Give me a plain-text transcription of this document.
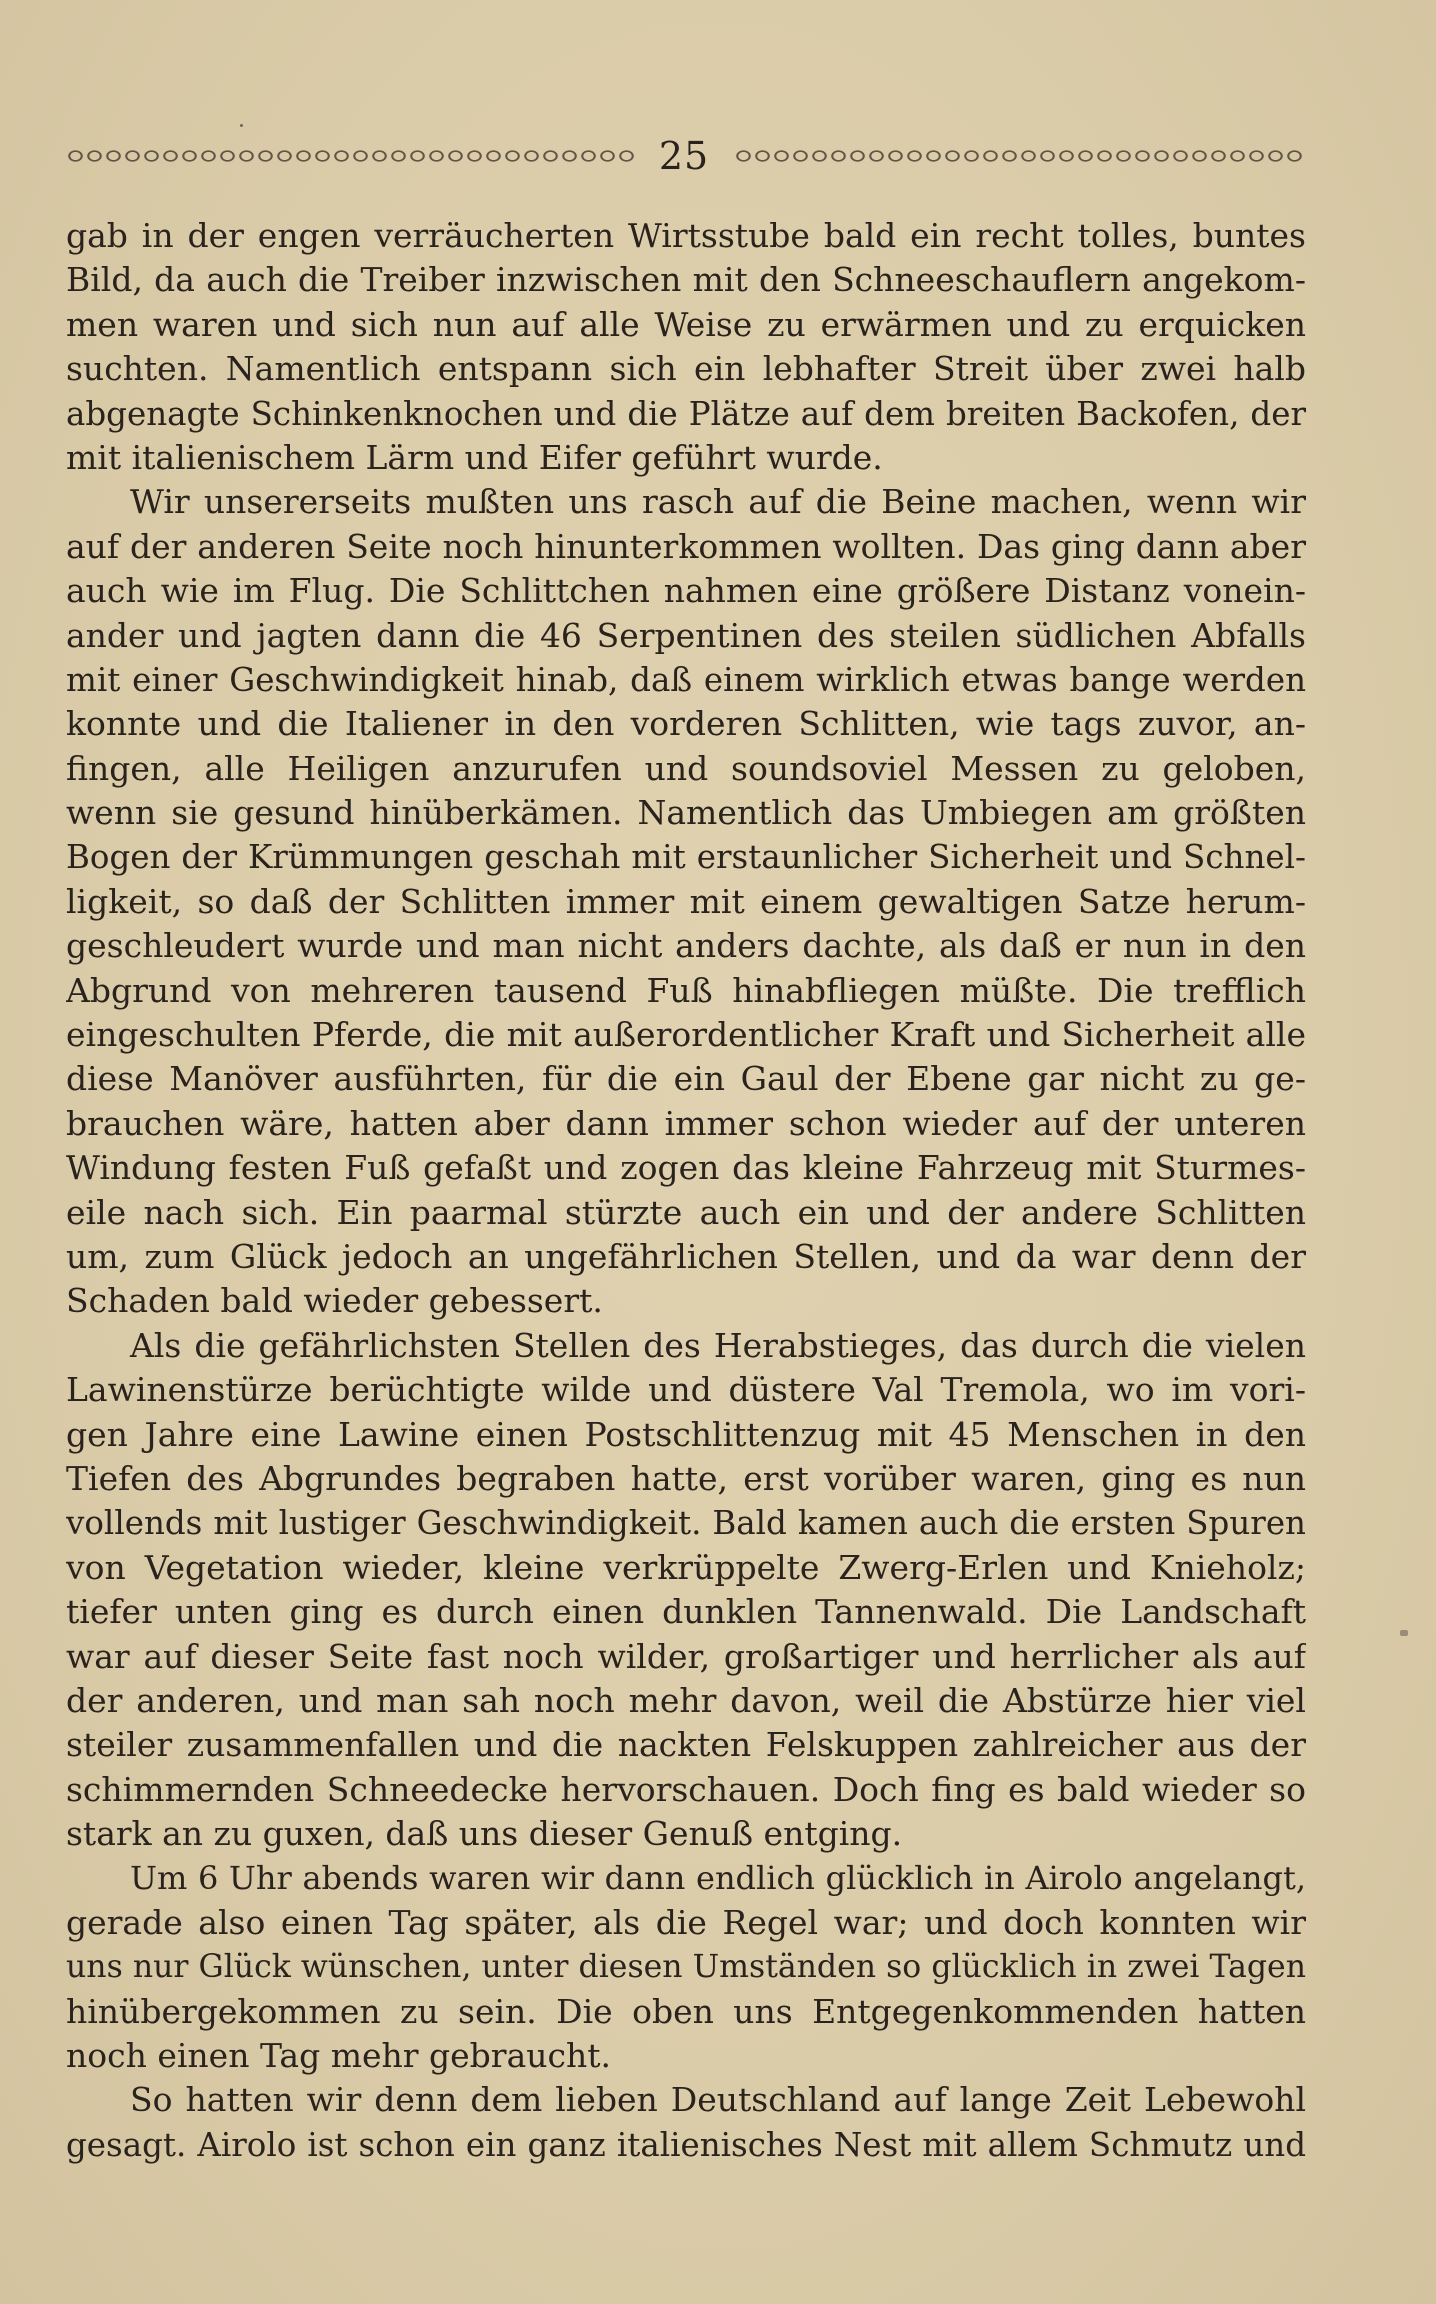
25
gab in der engen verräucherten Wirtsstube bald ein recht tolles, buntes
Bild, da auch die Treiber inzwischen mit den Schneeschauflern angekom-
men waren und sich nun auf alle Weise zu erwärmen und zu erquicken
suchten. Namentlich entspann sich ein lebhafter Streit über zwei halb
abgenagte Schinkenknochen und die Plätze auf dem breiten Backofen, der
mit italienischem Lärm und Eifer geführt wurde.
Wir unsererseits mußten uns rasch auf die Beine machen, wenn wir
auf der anderen Seite noch hinunterkommen wollten. Das ging dann aber
auch wie im Flug. Die Schlittchen nahmen eine größere Distanz vonein-
ander und jagten dann die 46 Serpentinen des steilen südlichen Abfalls
mit einer Geschwindigkeit hinab, daß einem wirklich etwas bange werden
konnte und die Italiener in den vorderen Schlitten, wie tags zuvor, an-
fingen, alle Heiligen anzurufen und soundsoviel Messen zu geloben,
wenn sie gesund hinüberkämen. Namentlich das Umbiegen am größten
Bogen der Krümmungen geschah mit erstaunlicher Sicherheit und Schnel-
ligkeit, so daß der Schlitten immer mit einem gewaltigen Satze herum-
geschleudert wurde und man nicht anders dachte, als daß er nun in den
Abgrund von mehreren tausend Fuß hinabfliegen müßte. Die trefflich
eingeschulten Pferde, die mit außerordentlicher Kraft und Sicherheit alle
diese Manöver ausführten, für die ein Gaul der Ebene gar nicht zu ge-
brauchen wäre, hatten aber dann immer schon wieder auf der unteren
Windung festen Fuß gefaßt und zogen das kleine Fahrzeug mit Sturmes-
eile nach sich. Ein paarmal stürzte auch ein und der andere Schlitten
um, zum Glück jedoch an ungefährlichen Stellen, und da war denn der
Schaden bald wieder gebessert.
Als die gefährlichsten Stellen des Herabstieges, das durch die vielen
Lawinenstürze berüchtigte wilde und düstere Val Tremola, wo im vori-
gen Jahre eine Lawine einen Postschlittenzug mit 45 Menschen in den
Tiefen des Abgrundes begraben hatte, erst vorüber waren, ging es nun
vollends mit lustiger Geschwindigkeit. Bald kamen auch die ersten Spuren
von Vegetation wieder, kleine verkrüppelte Zwerg-Erlen und Knieholz;
tiefer unten ging es durch einen dunklen Tannenwald. Die Landschaft
war auf dieser Seite fast noch wilder, großartiger und herrlicher als auf
der anderen, und man sah noch mehr davon, weil die Abstürze hier viel
steiler zusammenfallen und die nackten Felskuppen zahlreicher aus der
schimmernden Schneedecke hervorschauen. Doch fing es bald wieder so
stark an zu guxen, daß uns dieser Genuß entging.
Um 6 Uhr abends waren wir dann endlich glücklich in Airolo angelangt,
gerade also einen Tag später, als die Regel war; und doch konnten wir
uns nur Glück wünschen, unter diesen Umständen so glücklich in zwei Tagen
hinübergekommen zu sein. Die oben uns Entgegenkommenden hatten
noch einen Tag mehr gebraucht.
So hatten wir denn dem lieben Deutschland auf lange Zeit Lebewohl
gesagt. Airolo ist schon ein ganz italienisches Nest mit allem Schmutz und
